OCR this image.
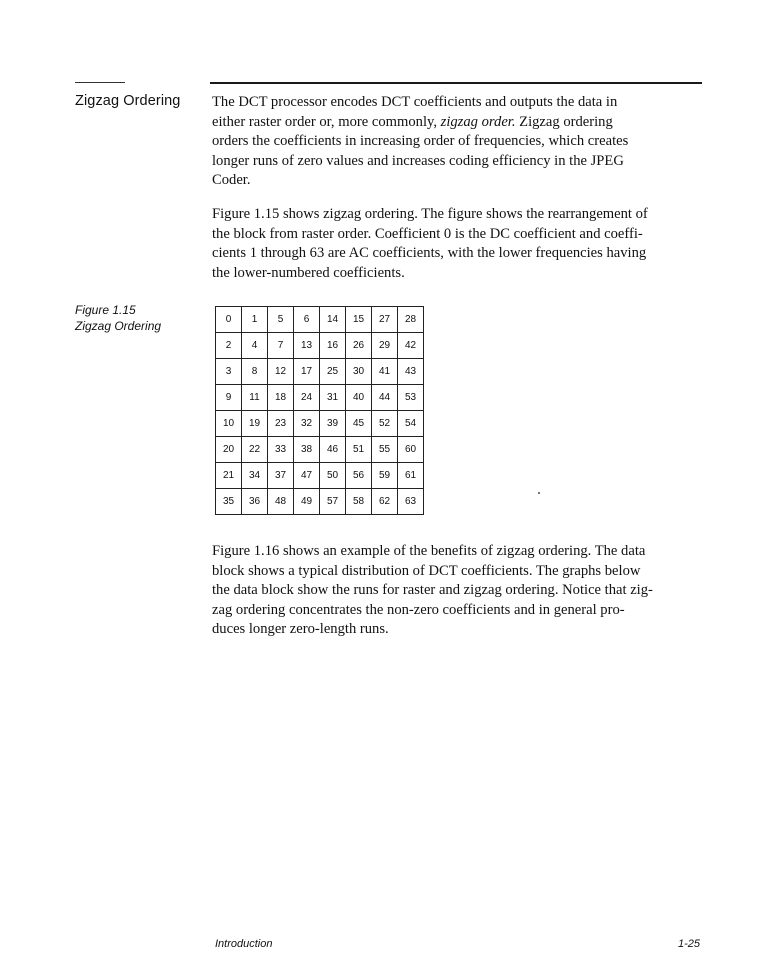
Zigzag Ordering The DCT processor encodes DCT coefficients and outputs the data in
either raster order or, more commonly, zigzag order. Zigzag ordering
orders the coefficients in increasing order of frequencies, which creates
longer runs of zero values and increases coding efficiency in the JPEG
Coder.
Figure 1.15 shows zigzag ordering. The figure shows the rearrangement of
the block from raster order. Coefficient 0 is the DC coefficient and coeffi-
cients 1 through 63 are AC coefficients, with the lower frequencies having
the lower-numbered coefficients.
Figure 1.15
Zigzag Ordering	0	1	5	6	14	15	27	28
2	4	7	13	16	26	29	42
3	8	12	17	25	30	41	43
9	11	18	24	31	40	44	53
10	19	23	32	39	45	52	54
20	22	33	38	46	51	55	60
21	34	37	47	50	56	59	61
35	36	48	49	57	58	62	63
Figure 1.16 shows an example of the benefits of zigzag ordering. The data
block shows a typical distribution of DCT coefficients. The graphs below
the data block show the runs for raster and zigzag ordering. Notice that zig-
zag ordering concentrates the non-zero coefficients and in general pro-
duces longer zero-length runs.
Introduction	1-25
